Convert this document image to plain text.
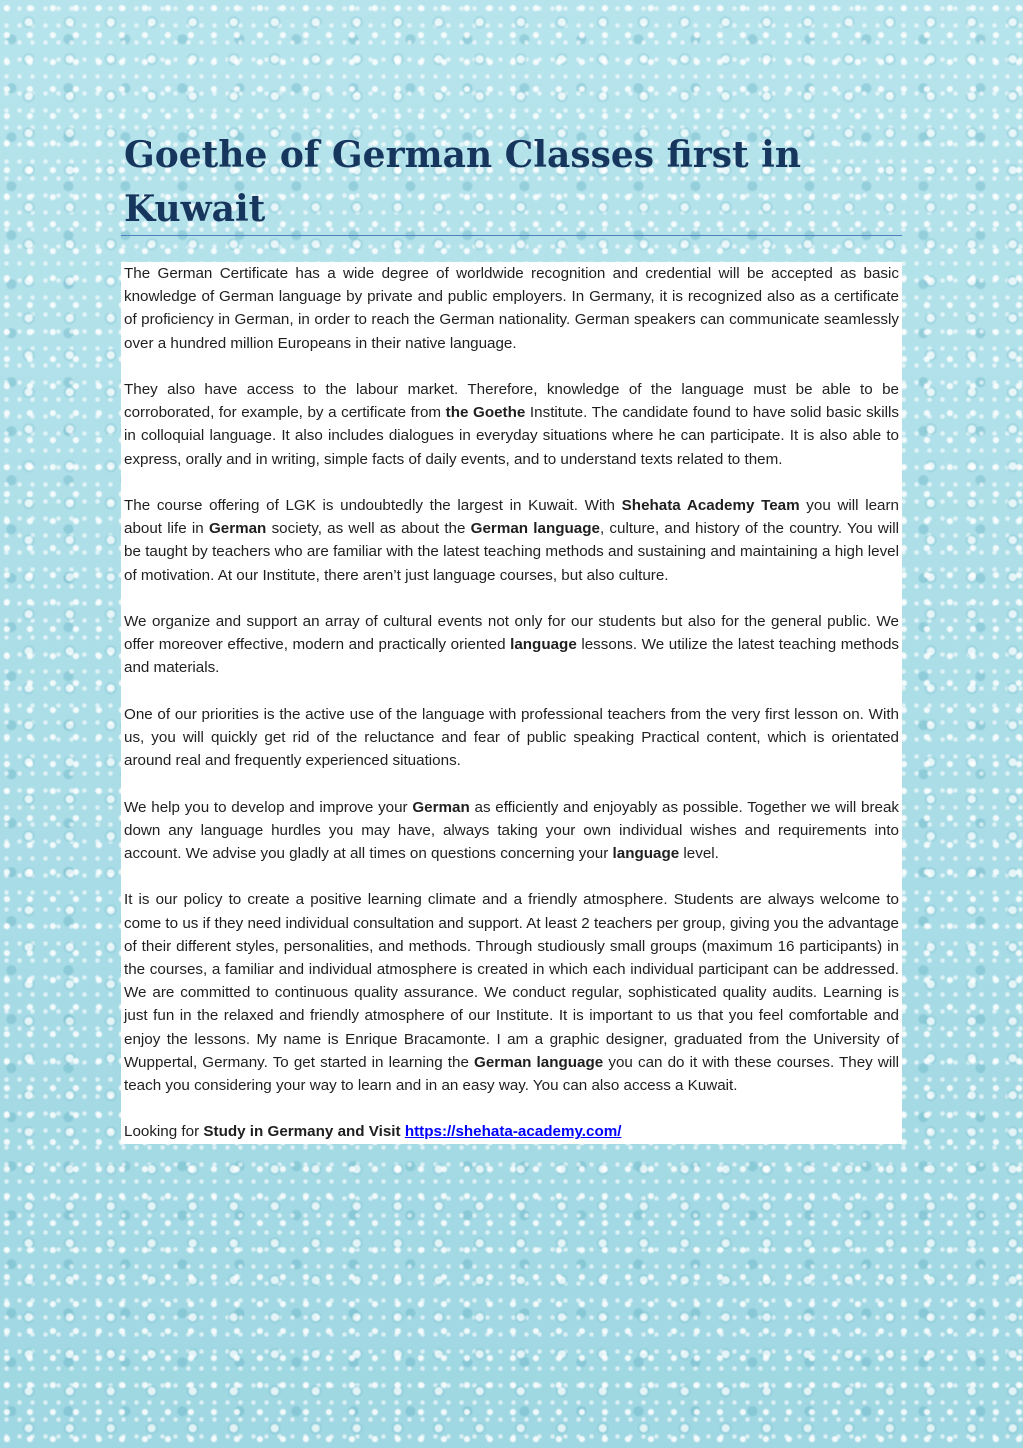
Goethe of German Classes first in Kuwait

The German Certificate has a wide degree of worldwide recognition and credential will be accepted as basic knowledge of German language by private and public employers. In Germany, it is recognized also as a certificate of proficiency in German, in order to reach the German nationality. German speakers can communicate seamlessly over a hundred million Europeans in their native language.

They also have access to the labour market. Therefore, knowledge of the language must be able to be corroborated, for example, by a certificate from the Goethe Institute. The candidate found to have solid basic skills in colloquial language. It also includes dialogues in everyday situations where he can participate. It is also able to express, orally and in writing, simple facts of daily events, and to understand texts related to them.

The course offering of LGK is undoubtedly the largest in Kuwait. With Shehata Academy Team you will learn about life in German society, as well as about the German language, culture, and history of the country. You will be taught by teachers who are familiar with the latest teaching methods and sustaining and maintaining a high level of motivation. At our Institute, there aren’t just language courses, but also culture.

We organize and support an array of cultural events not only for our students but also for the general public. We offer moreover effective, modern and practically oriented language lessons. We utilize the latest teaching methods and materials.

One of our priorities is the active use of the language with professional teachers from the very first lesson on. With us, you will quickly get rid of the reluctance and fear of public speaking Practical content, which is orientated around real and frequently experienced situations.

We help you to develop and improve your German as efficiently and enjoyably as possible. Together we will break down any language hurdles you may have, always taking your own individual wishes and requirements into account. We advise you gladly at all times on questions concerning your language level.

It is our policy to create a positive learning climate and a friendly atmosphere. Students are always welcome to come to us if they need individual consultation and support. At least 2 teachers per group, giving you the advantage of their different styles, personalities, and methods. Through studiously small groups (maximum 16 participants) in the courses, a familiar and individual atmosphere is created in which each individual participant can be addressed. We are committed to continuous quality assurance. We conduct regular, sophisticated quality audits. Learning is just fun in the relaxed and friendly atmosphere of our Institute. It is important to us that you feel comfortable and enjoy the lessons. My name is Enrique Bracamonte. I am a graphic designer, graduated from the University of Wuppertal, Germany. To get started in learning the German language you can do it with these courses. They will teach you considering your way to learn and in an easy way. You can also access a Kuwait.

Looking for Study in Germany and Visit https://shehata-academy.com/
